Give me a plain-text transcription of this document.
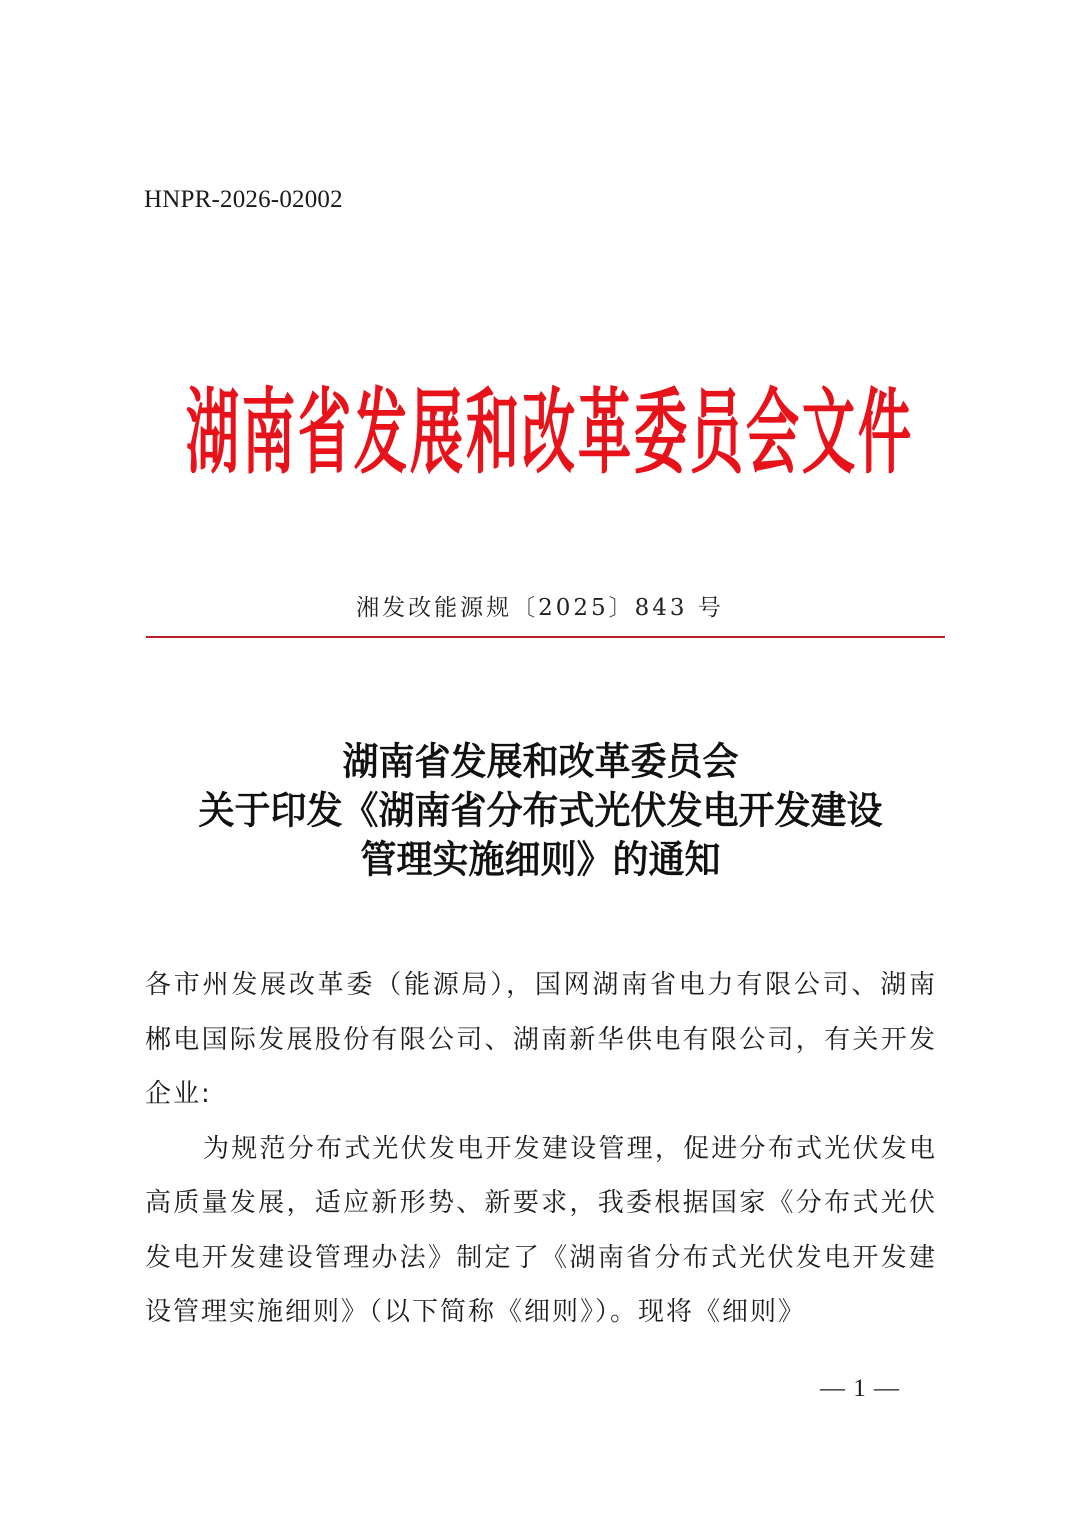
HNPR-2026-02002
湖 南 省 发 展 和 改 革 委 员 会 文 件
湘发改能源规〔2025〕843 号
湖南省发展和改革委员会
关于印发《湖南省分布式光伏发电开发建设
管理实施细则》的通知

各市州发展改革委（能源局），国网湖南省电力有限公司、湖南郴电国际发展股份有限公司、湖南新华供电有限公司，有关开发企业:

为规范分布式光伏发电开发建设管理，促进分布式光伏发电高质量发展，适应新形势、新要求，我委根据国家《分布式光伏发电开发建设管理办法》制定了《湖南省分布式光伏发电开发建设管理实施细则》（以下简称《细则》）。现将《细则》

— 1 —
